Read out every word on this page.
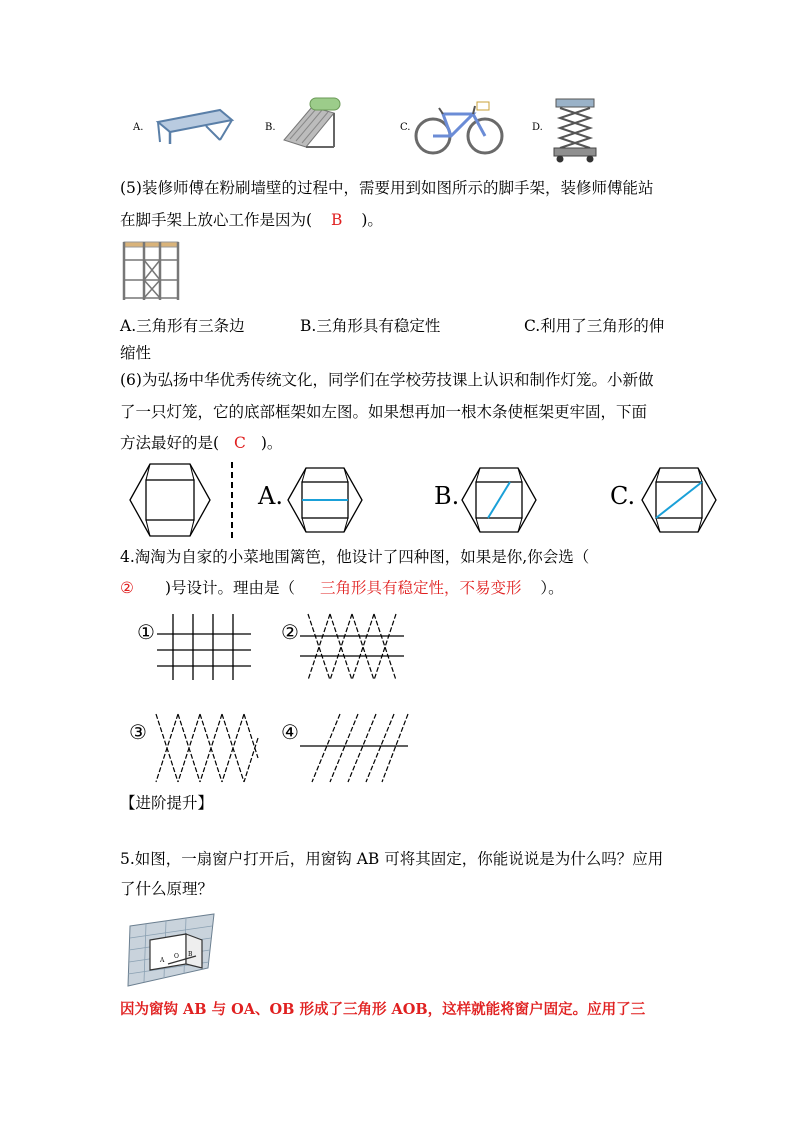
A.	B.	C.	D.
(5)装修师傅在粉刷墙壁的过程中，需要用到如图所示的脚手架，装修师傅能站
在脚手架上放心工作是因为( B )。
A.三角形有三条边	B.三角形具有稳定性	C.利用了三角形的伸
缩性
(6)为弘扬中华优秀传统文化，同学们在学校劳技课上认识和制作灯笼。小新做
了一只灯笼，它的底部框架如左图。如果想再加一根木条使框架更牢固，下面
方法最好的是( C )。
A.	B.	C.
4.淘淘为自家的小菜地围篱笆，他设计了四种图，如果是你,你会选（
② )号设计。理由是（ 三角形具有稳定性，不易变形 ）。
①	②
③	④
【进阶提升】
5.如图，一扇窗户打开后，用窗钩 AB 可将其固定，你能说说是为什么吗？应用
了什么原理？
A
O B
因为窗钩 AB 与 OA、OB 形成了三角形 AOB，这样就能将窗户固定。应用了三
